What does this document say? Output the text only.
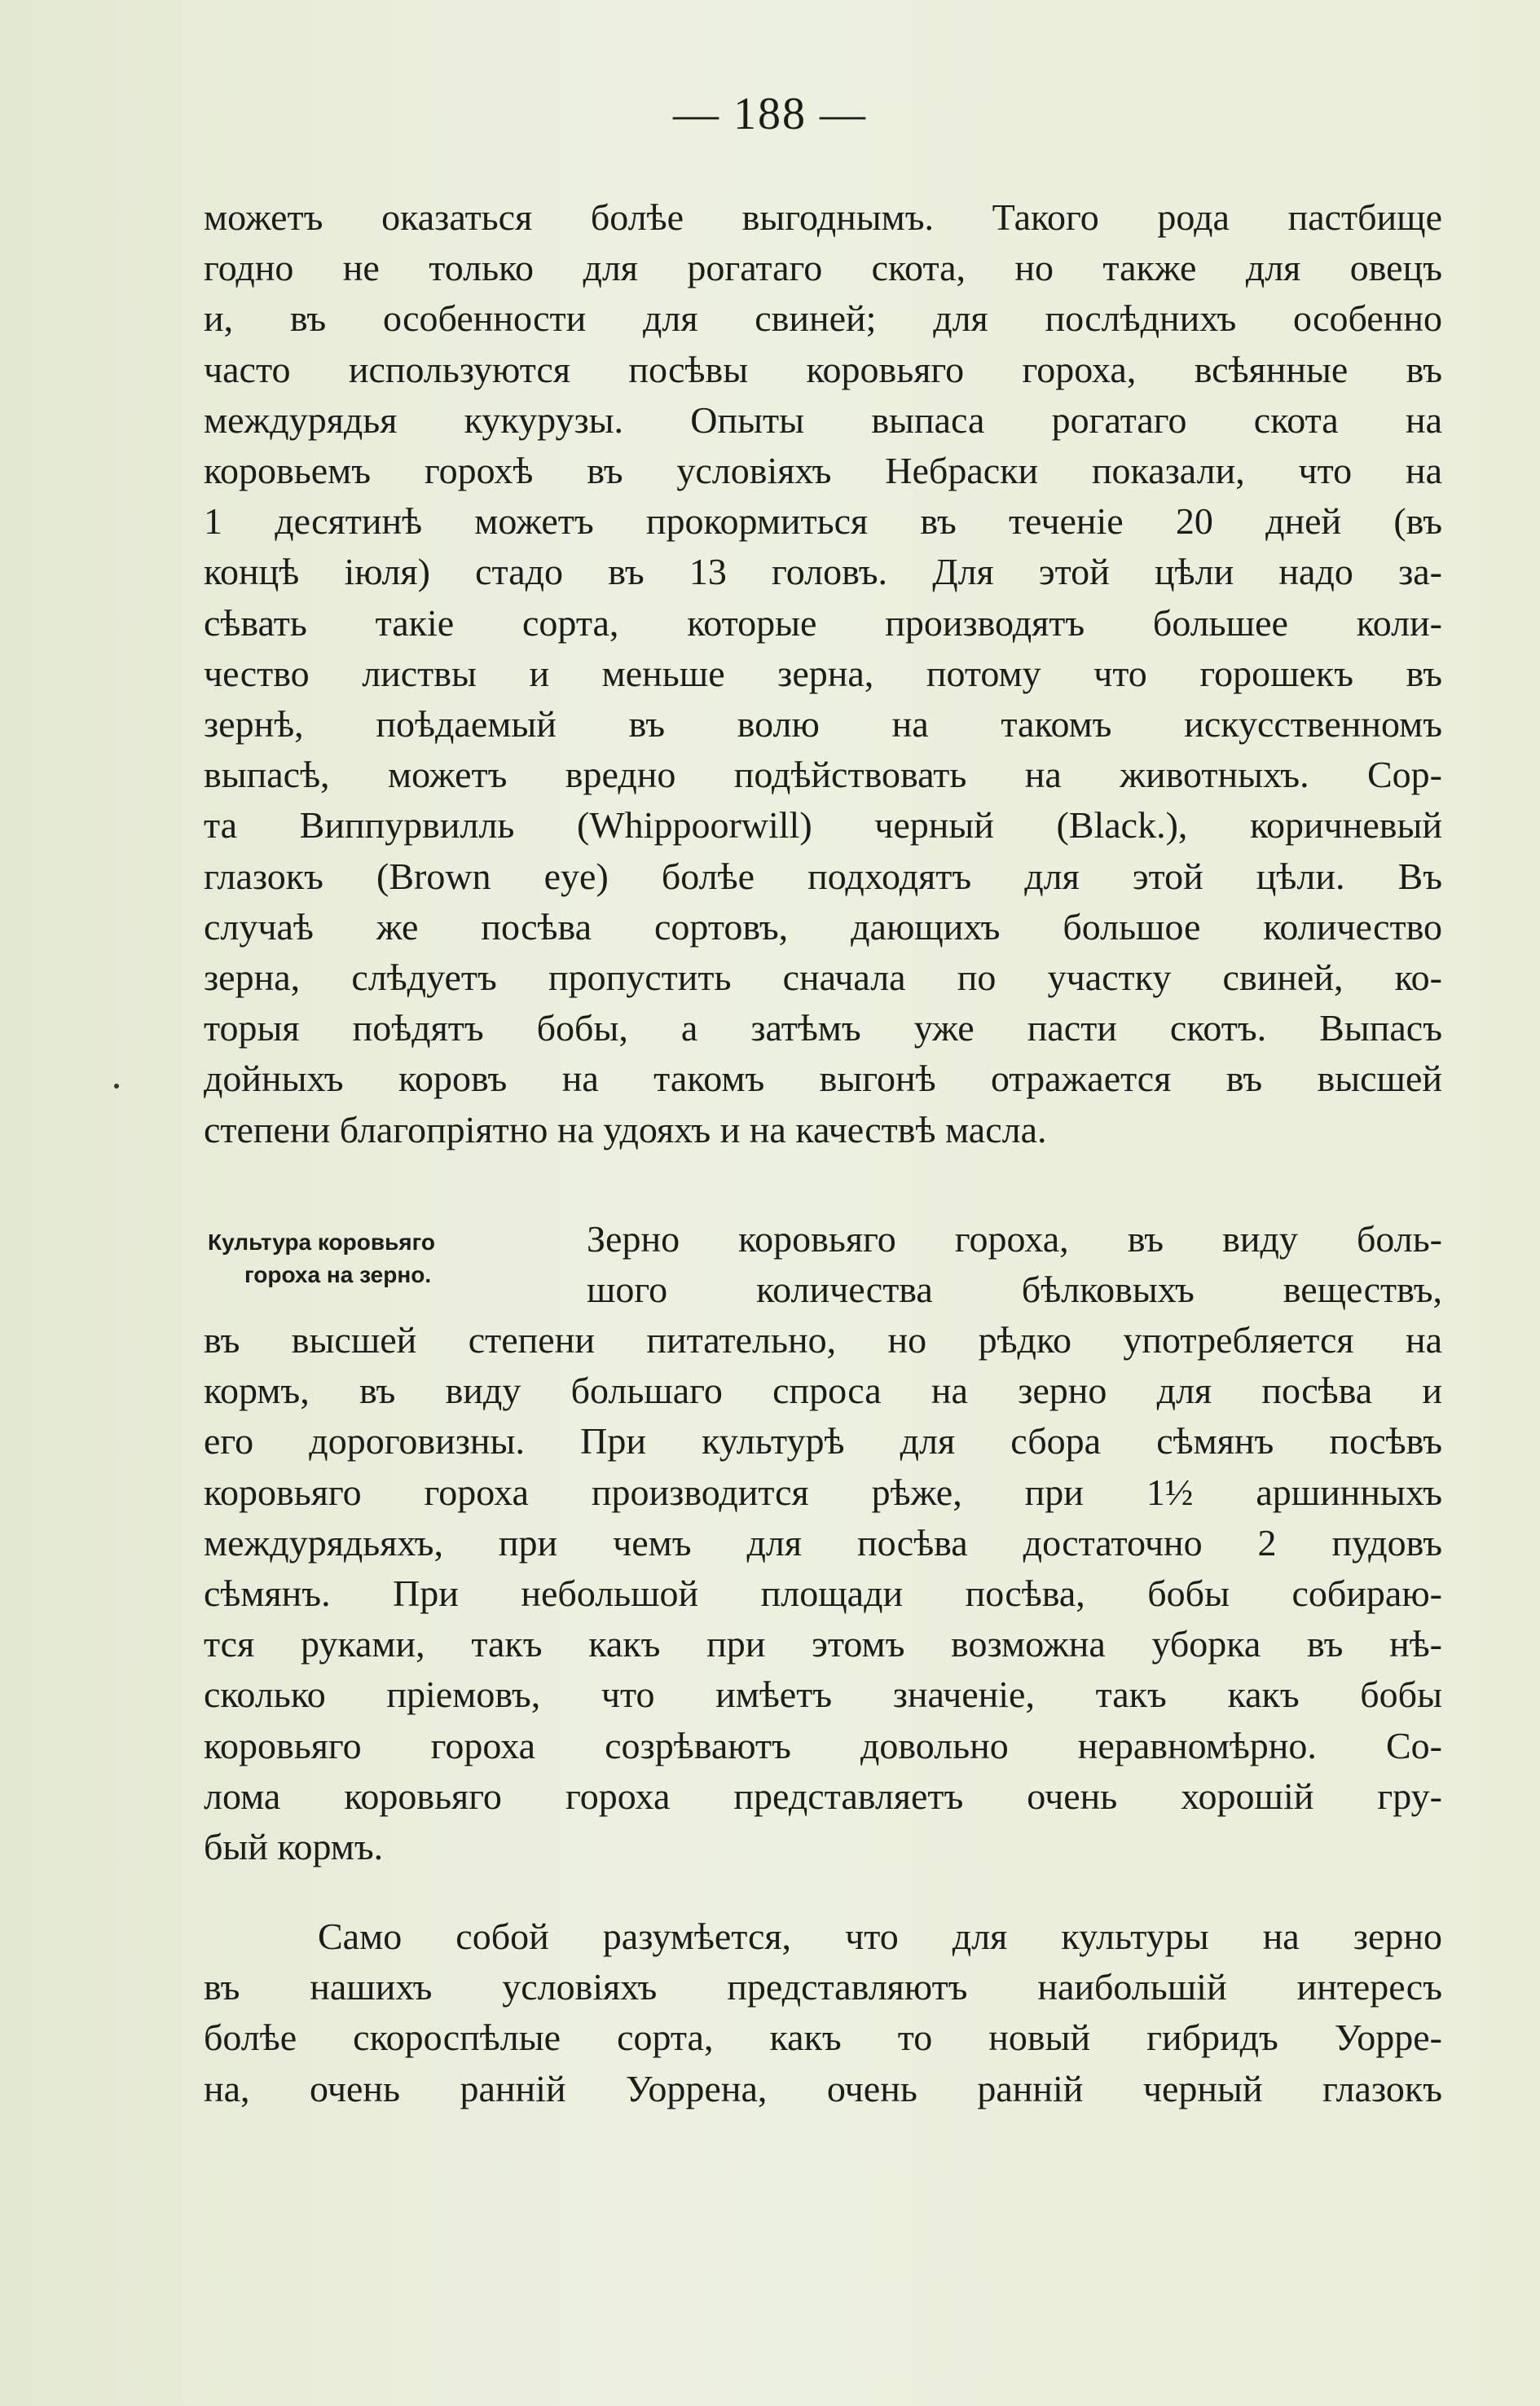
— 188 —
можетъ оказаться болѣе выгоднымъ. Такого рода пастбище
годно не только для рогатаго скота, но также для овецъ
и, въ особенности для свиней; для послѣднихъ особенно
часто используются посѣвы коровьяго гороха, всѣянные въ
междурядья кукурузы. Опыты выпаса рогатаго скота на
коровьемъ горохѣ въ условіяхъ Небраски показали, что на
1 десятинѣ можетъ прокормиться въ теченіе 20 дней (въ
концѣ іюля) стадо въ 13 головъ. Для этой цѣли надо за-
сѣвать такіе сорта, которые производятъ большее коли-
чество листвы и меньше зерна, потому что горошекъ въ
зернѣ, поѣдаемый въ волю на такомъ искусственномъ
выпасѣ, можетъ вредно подѣйствовать на животныхъ. Сор-
та Виппурвилль (Whippoorwill) черный (Black.), коричневый
глазокъ (Brown eye) болѣе подходятъ для этой цѣли. Въ
случаѣ же посѣва сортовъ, дающихъ большое количество
зерна, слѣдуетъ пропустить сначала по участку свиней, ко-
торыя поѣдятъ бобы, а затѣмъ уже пасти скотъ. Выпасъ
дойныхъ коровъ на такомъ выгонѣ отражается въ высшей
степени благопріятно на удояхъ и на качествѣ масла.
Культура коровьяго
гороха на зерно.
Зерно коровьяго гороха, въ виду боль-
шого количества бѣлковыхъ веществъ,
въ высшей степени питательно, но рѣдко употребляется на
кормъ, въ виду большаго спроса на зерно для посѣва и
его дороговизны. При культурѣ для сбора сѣмянъ посѣвъ
коровьяго гороха производится рѣже, при 1½ аршинныхъ
междурядьяхъ, при чемъ для посѣва достаточно 2 пудовъ
сѣмянъ. При небольшой площади посѣва, бобы собираю-
тся руками, такъ какъ при этомъ возможна уборка въ нѣ-
сколько пріемовъ, что имѣетъ значеніе, такъ какъ бобы
коровьяго гороха созрѣваютъ довольно неравномѣрно. Со-
лома коровьяго гороха представляетъ очень хорошій гру-
бый кормъ.
Само собой разумѣется, что для культуры на зерно
въ нашихъ условіяхъ представляютъ наибольшій интересъ
болѣе скороспѣлые сорта, какъ то новый гибридъ Уорре-
на, очень ранній Уоррена, очень ранній черный глазокъ
